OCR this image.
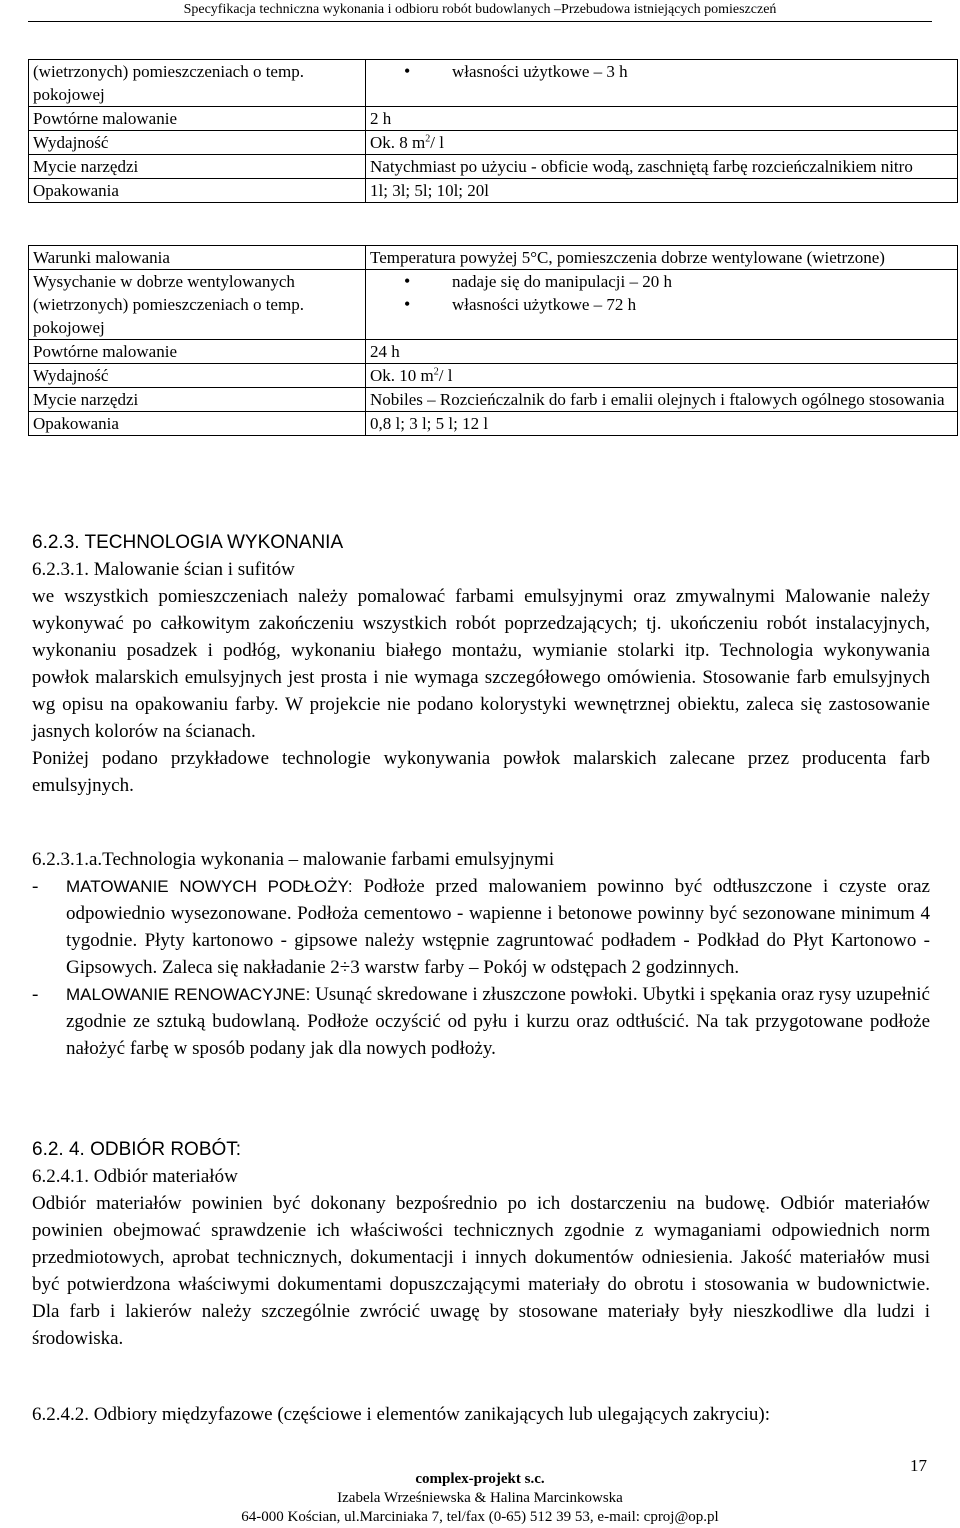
Specyfikacja techniczna wykonania i odbioru robót budowlanych –Przebudowa istniejących pomieszczeń
(wietrzonych) pomieszczeniach o temp. pokojowej	• własności użytkowe – 3 h

Powtórne malowanie	2 h
Wydajność	Ok. 8 $m^2/$ l
Mycie narzędzi	Natychmiast po użyciu - obficie wodą, zaschniętą farbę rozcieńczalnikiem nitro
Opakowania	1l; 3l; 5l; 10l; 20l
Warunki malowania	Temperatura powyżej 5°C, pomieszczenia dobrze wentylowane (wietrzone)
Wysychanie w dobrze wentylowanych (wietrzonych) pomieszczeniach o temp. pokojowej	• nadaje się do manipulacji – 20 h
• własności użytkowe – 72 h

Powtórne malowanie	24 h
Wydajność	Ok. 10 $m^2/$ l
Mycie narzędzi	Nobiles – Rozcieńczalnik do farb i emalii olejnych i ftalowych ogólnego stosowania
Opakowania	0,8 l; 3 l; 5 l; 12 l
6.2.3. TECHNOLOGIA WYKONANIA
6.2.3.1. Malowanie ścian i sufitów

we wszystkich pomieszczeniach należy pomalować farbami emulsyjnymi oraz zmywalnymi Malowanie należy wykonywać po całkowitym zakończeniu wszystkich robót poprzedzających; tj. ukończeniu robót instalacyjnych, wykonaniu posadzek i podłóg, wykonaniu białego montażu, wymianie stolarki itp. Technologia wykonywania powłok malarskich emulsyjnych jest prosta i nie wymaga szczegółowego omówienia. Stosowanie farb emulsyjnych wg opisu na opakowaniu farby. W projekcie nie podano kolorystyki wewnętrznej obiektu, zaleca się zastosowanie jasnych kolorów na ścianach.

Poniżej podano przykładowe technologie wykonywania powłok malarskich zalecane przez producenta farb emulsyjnych.

6.2.3.1.a.Technologia wykonania – malowanie farbami emulsyjnymi
- MATOWANIE NOWYCH PODŁOŻY: Podłoże przed malowaniem powinno być odtłuszczone i czyste oraz odpowiednio wysezonowane. Podłoża cementowo - wapienne i betonowe powinny być sezonowane minimum 4 tygodnie. Płyty kartonowo - gipsowe należy wstępnie zagruntować podładem - Podkład do Płyt Kartonowo - Gipsowych. Zaleca się nakładanie 2÷3 warstw farby – Pokój w odstępach 2 godzinnych.
- MALOWANIE RENOWACYJNE: Usunąć skredowane i złuszczone powłoki. Ubytki i spękania oraz rysy uzupełnić zgodnie ze sztuką budowlaną. Podłoże oczyścić od pyłu i kurzu oraz odtłuścić. Na tak przygotowane podłoże nałożyć farbę w sposób podany jak dla nowych podłoży.
6.2. 4. ODBIÓR ROBÓT:
6.2.4.1. Odbiór materiałów

Odbiór materiałów powinien być dokonany bezpośrednio po ich dostarczeniu na budowę. Odbiór materiałów powinien obejmować sprawdzenie ich właściwości technicznych zgodnie z wymaganiami odpowiednich norm przedmiotowych, aprobat technicznych, dokumentacji i innych dokumentów odniesienia. Jakość materiałów musi być potwierdzona właściwymi dokumentami dopuszczającymi materiały do obrotu i stosowania w budownictwie. Dla farb i lakierów należy szczególnie zwrócić uwagę by stosowane materiały były nieszkodliwe dla ludzi i środowiska.

6.2.4.2. Odbiory międzyfazowe (częściowe i elementów zanikających lub ulegających zakryciu):

17
complex-projekt s.c.
Izabela Wrześniewska & Halina Marcinkowska
64-000 Kościan, ul.Marciniaka 7, tel/fax (0-65) 512 39 53, e-mail: cproj@op.pl
